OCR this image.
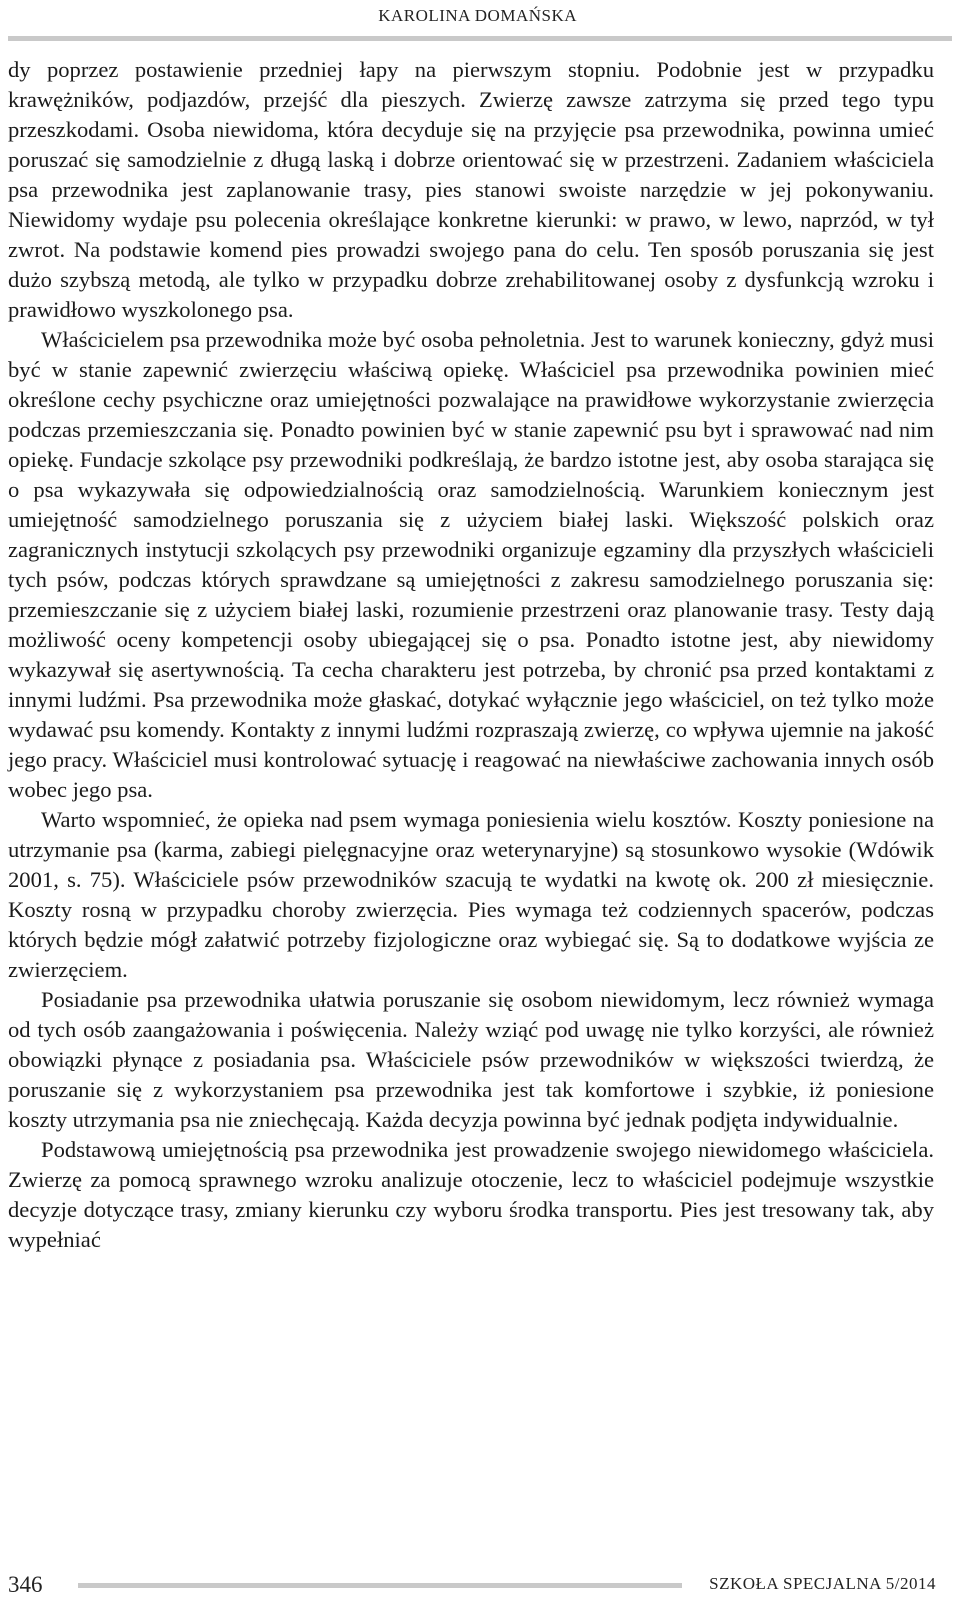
KAROLINA DOMAŃSKA

dy poprzez postawienie przedniej łapy na pierwszym stopniu. Podobnie jest w przypadku krawężników, podjazdów, przejść dla pieszych. Zwierzę zawsze zatrzyma się przed tego typu przeszkodami. Osoba niewidoma, która decyduje się na przyjęcie psa przewodnika, powinna umieć poruszać się samodzielnie z długą laską i dobrze orientować się w przestrzeni. Zadaniem właściciela psa przewodnika jest zaplanowanie trasy, pies stanowi swoiste narzędzie w jej pokonywaniu. Niewidomy wydaje psu polecenia określające konkretne kierunki: w prawo, w lewo, naprzód, w tył zwrot. Na podstawie komend pies prowadzi swojego pana do celu. Ten sposób poruszania się jest dużo szybszą metodą, ale tylko w przypadku dobrze zrehabilitowanej osoby z dysfunkcją wzroku i prawidłowo wyszkolonego psa.

Właścicielem psa przewodnika może być osoba pełnoletnia. Jest to warunek konieczny, gdyż musi być w stanie zapewnić zwierzęciu właściwą opiekę. Właściciel psa przewodnika powinien mieć określone cechy psychiczne oraz umiejętności pozwalające na prawidłowe wykorzystanie zwierzęcia podczas przemieszczania się. Ponadto powinien być w stanie zapewnić psu byt i sprawować nad nim opiekę. Fundacje szkolące psy przewodniki podkreślają, że bardzo istotne jest, aby osoba starająca się o psa wykazywała się odpowiedzialnością oraz samodzielnością. Warunkiem koniecznym jest umiejętność samodzielnego poruszania się z użyciem białej laski. Większość polskich oraz zagranicznych instytucji szkolących psy przewodniki organizuje egzaminy dla przyszłych właścicieli tych psów, podczas których sprawdzane są umiejętności z zakresu samodzielnego poruszania się: przemieszczanie się z użyciem białej laski, rozumienie przestrzeni oraz planowanie trasy. Testy dają możliwość oceny kompetencji osoby ubiegającej się o psa. Ponadto istotne jest, aby niewidomy wykazywał się asertywnością. Ta cecha charakteru jest potrzeba, by chronić psa przed kontaktami z innymi ludźmi. Psa przewodnika może głaskać, dotykać wyłącznie jego właściciel, on też tylko może wydawać psu komendy. Kontakty z innymi ludźmi rozpraszają zwierzę, co wpływa ujemnie na jakość jego pracy. Właściciel musi kontrolować sytuację i reagować na niewłaściwe zachowania innych osób wobec jego psa.

Warto wspomnieć, że opieka nad psem wymaga poniesienia wielu kosztów. Koszty poniesione na utrzymanie psa (karma, zabiegi pielęgnacyjne oraz weterynaryjne) są stosunkowo wysokie (Wdówik 2001, s. 75). Właściciele psów przewodników szacują te wydatki na kwotę ok. 200 zł miesięcznie. Koszty rosną w przypadku choroby zwierzęcia. Pies wymaga też codziennych spacerów, podczas których będzie mógł załatwić potrzeby fizjologiczne oraz wybiegać się. Są to dodatkowe wyjścia ze zwierzęciem.

Posiadanie psa przewodnika ułatwia poruszanie się osobom niewidomym, lecz również wymaga od tych osób zaangażowania i poświęcenia. Należy wziąć pod uwagę nie tylko korzyści, ale również obowiązki płynące z posiadania psa. Właściciele psów przewodników w większości twierdzą, że poruszanie się z wykorzystaniem psa przewodnika jest tak komfortowe i szybkie, iż poniesione koszty utrzymania psa nie zniechęcają. Każda decyzja powinna być jednak podjęta indywidualnie.

Podstawową umiejętnością psa przewodnika jest prowadzenie swojego niewidomego właściciela. Zwierzę za pomocą sprawnego wzroku analizuje otoczenie, lecz to właściciel podejmuje wszystkie decyzje dotyczące trasy, zmiany kierunku czy wyboru środka transportu. Pies jest tresowany tak, aby wypełniać

346	SZKOŁA SPECJALNA 5/2014
